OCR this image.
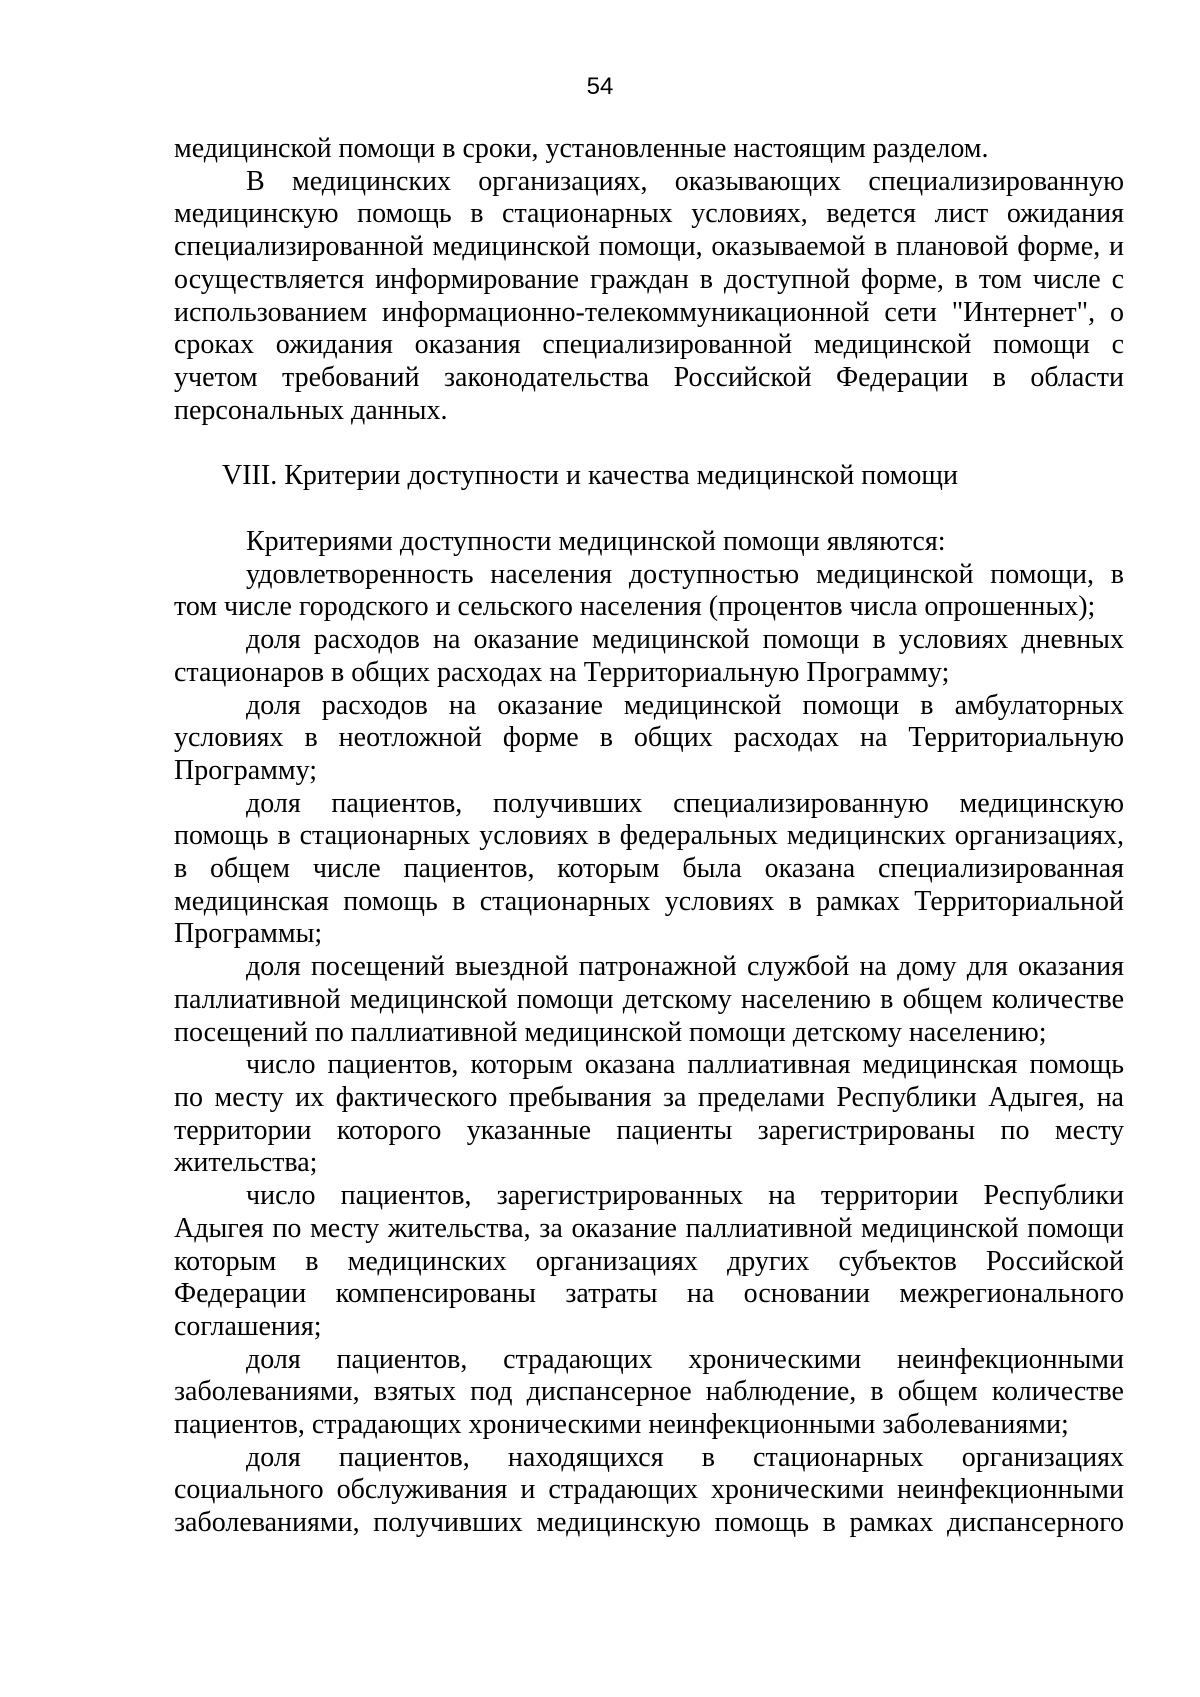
54

медицинской помощи в сроки, установленные настоящим разделом.

В медицинских организациях, оказывающих специализированную медицинскую помощь в стационарных условиях, ведется лист ожидания специализированной медицинской помощи, оказываемой в плановой форме, и осуществляется информирование граждан в доступной форме, в том числе с использованием информационно-телекоммуникационной сети "Интернет", о сроках ожидания оказания специализированной медицинской помощи с учетом требований законодательства Российской Федерации в области персональных данных.

VIII. Критерии доступности и качества медицинской помощи

Критериями доступности медицинской помощи являются:

удовлетворенность населения доступностью медицинской помощи, в том числе городского и сельского населения (процентов числа опрошенных);

доля расходов на оказание медицинской помощи в условиях дневных стационаров в общих расходах на Территориальную Программу;

доля расходов на оказание медицинской помощи в амбулаторных условиях в неотложной форме в общих расходах на Территориальную Программу;

доля пациентов, получивших специализированную медицинскую помощь в стационарных условиях в федеральных медицинских организациях, в общем числе пациентов, которым была оказана специализированная медицинская помощь в стационарных условиях в рамках Территориальной Программы;

доля посещений выездной патронажной службой на дому для оказания паллиативной медицинской помощи детскому населению в общем количестве посещений по паллиативной медицинской помощи детскому населению;

число пациентов, которым оказана паллиативная медицинская помощь по месту их фактического пребывания за пределами Республики Адыгея, на территории которого указанные пациенты зарегистрированы по месту жительства;

число пациентов, зарегистрированных на территории Республики Адыгея по месту жительства, за оказание паллиативной медицинской помощи которым в медицинских организациях других субъектов Российской Федерации компенсированы затраты на основании межрегионального соглашения;

доля пациентов, страдающих хроническими неинфекционными заболеваниями, взятых под диспансерное наблюдение, в общем количестве пациентов, страдающих хроническими неинфекционными заболеваниями;

доля пациентов, находящихся в стационарных организациях социального обслуживания и страдающих хроническими неинфекционными заболеваниями, получивших медицинскую помощь в рамках диспансерного
